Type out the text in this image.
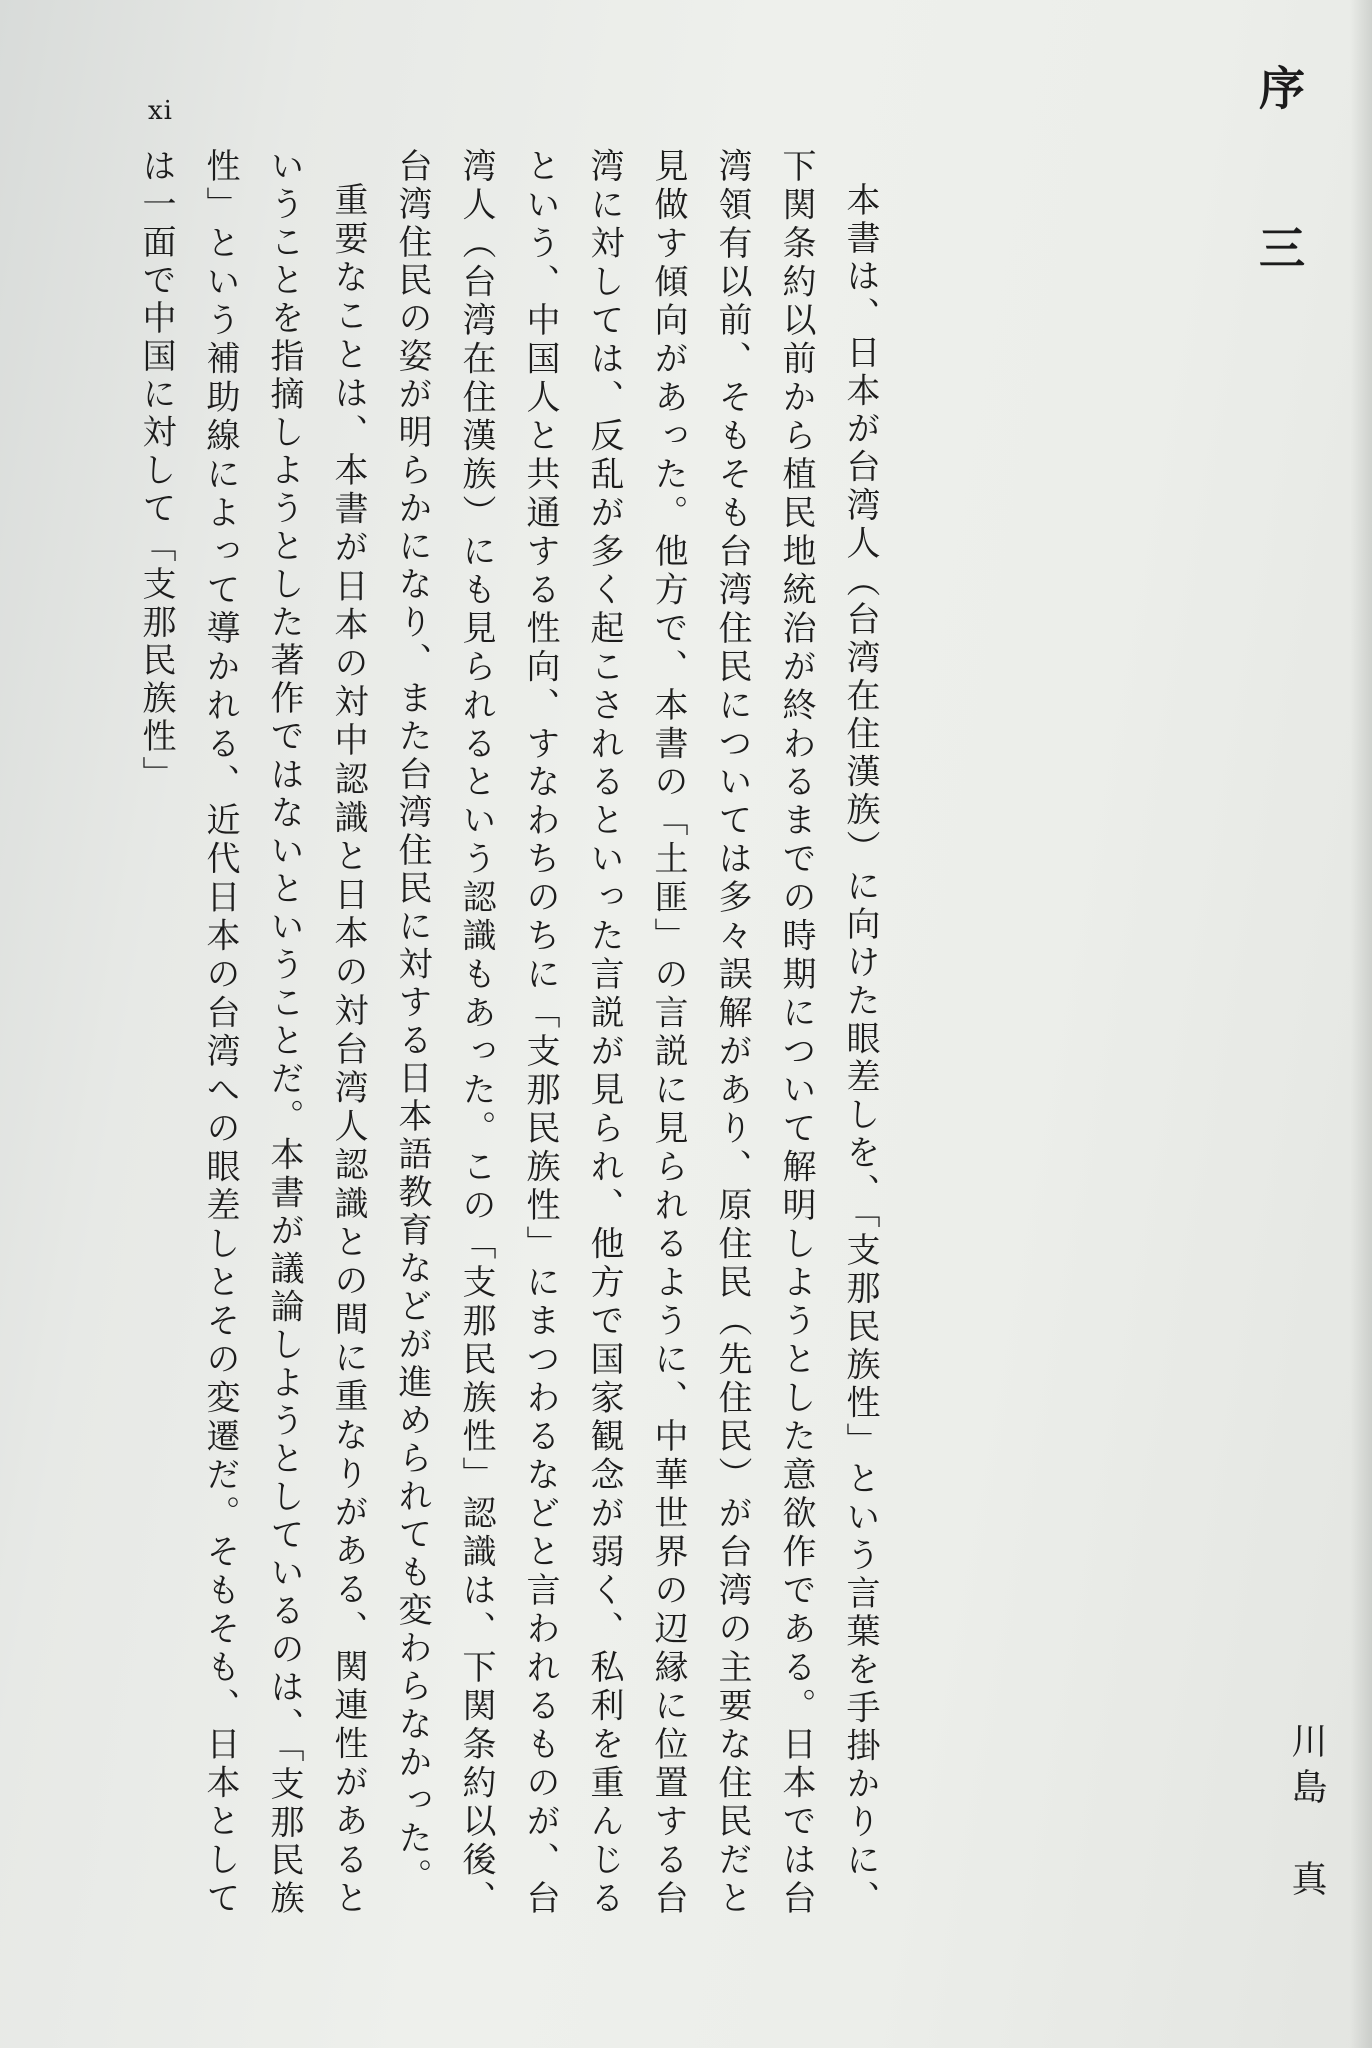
xi	序　三
川島　真

本書は、日本が台湾人（台湾在住漢族）に向けた眼差しを、「支那民族性」という言葉を手掛かりに、下関条約以前から植民地統治が終わるまでの時期について解明しようとした意欲作である。日本では台湾領有以前、そもそも台湾住民については多々誤解があり、原住民（先住民）が台湾の主要な住民だと見做す傾向があった。他方で、本書の「土匪」の言説に見られるように、中華世界の辺縁に位置する台湾に対しては、反乱が多く起こされるといった言説が見られ、他方で国家観念が弱く、私利を重んじるという、中国人と共通する性向、すなわちのちに「支那民族性」にまつわるなどと言われるものが、台湾人（台湾在住漢族）にも見られるという認識もあった。この「支那民族性」認識は、下関条約以後、台湾住民の姿が明らかになり、また台湾住民に対する日本語教育などが進められても変わらなかった。

重要なことは、本書が日本の対中認識と日本の対台湾人認識との間に重なりがある、関連性があるということを指摘しようとした著作ではないということだ。本書が議論しようとしているのは、「支那民族性」という補助線によって導かれる、近代日本の台湾への眼差しとその変遷だ。そもそも、日本としては一面で中国に対して「支那民族性」
